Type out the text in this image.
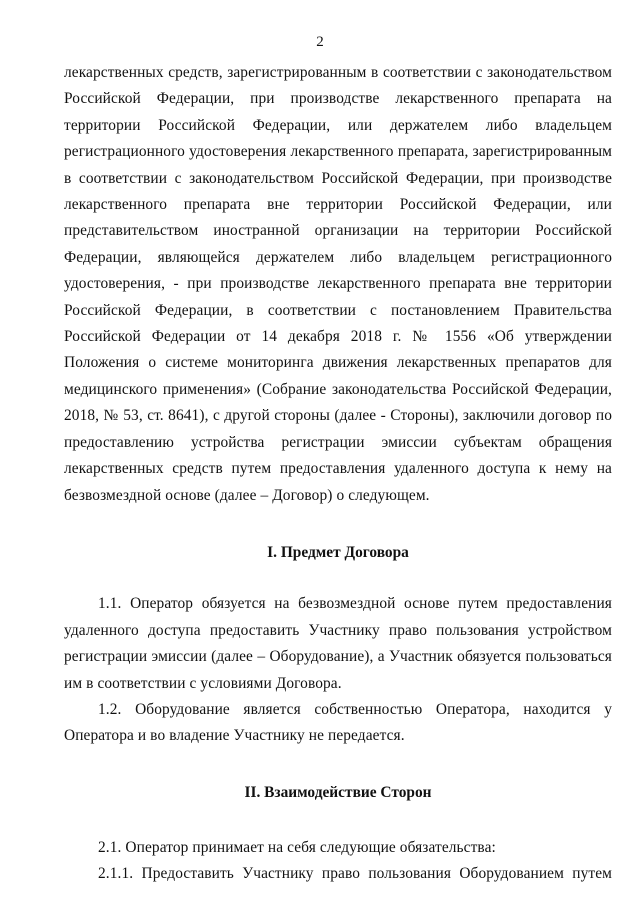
2

лекарственных средств, зарегистрированным в соответствии с законодательством Российской Федерации, при производстве лекарственного препарата на территории Российской Федерации, или держателем либо владельцем регистрационного удостоверения лекарственного препарата, зарегистрированным в соответствии с законодательством Российской Федерации, при производстве лекарственного препарата вне территории Российской Федерации, или представительством иностранной организации на территории Российской Федерации, являющейся держателем либо владельцем регистрационного удостоверения, - при производстве лекарственного препарата вне территории Российской Федерации, в соответствии с постановлением Правительства Российской Федерации от 14 декабря 2018 г. № 1556 «Об утверждении Положения о системе мониторинга движения лекарственных препаратов для медицинского применения» (Собрание законодательства Российской Федерации, 2018, № 53, ст. 8641), с другой стороны (далее - Стороны), заключили договор по предоставлению устройства регистрации эмиссии субъектам обращения лекарственных средств путем предоставления удаленного доступа к нему на безвозмездной основе (далее – Договор) о следующем.

I. Предмет Договора

1.1. Оператор обязуется на безвозмездной основе путем предоставления удаленного доступа предоставить Участнику право пользования устройством регистрации эмиссии (далее – Оборудование), а Участник обязуется пользоваться им в соответствии с условиями Договора.

1.2. Оборудование является собственностью Оператора, находится у Оператора и во владение Участнику не передается.

II. Взаимодействие Сторон

2.1. Оператор принимает на себя следующие обязательства:

2.1.1. Предоставить Участнику право пользования Оборудованием путем
